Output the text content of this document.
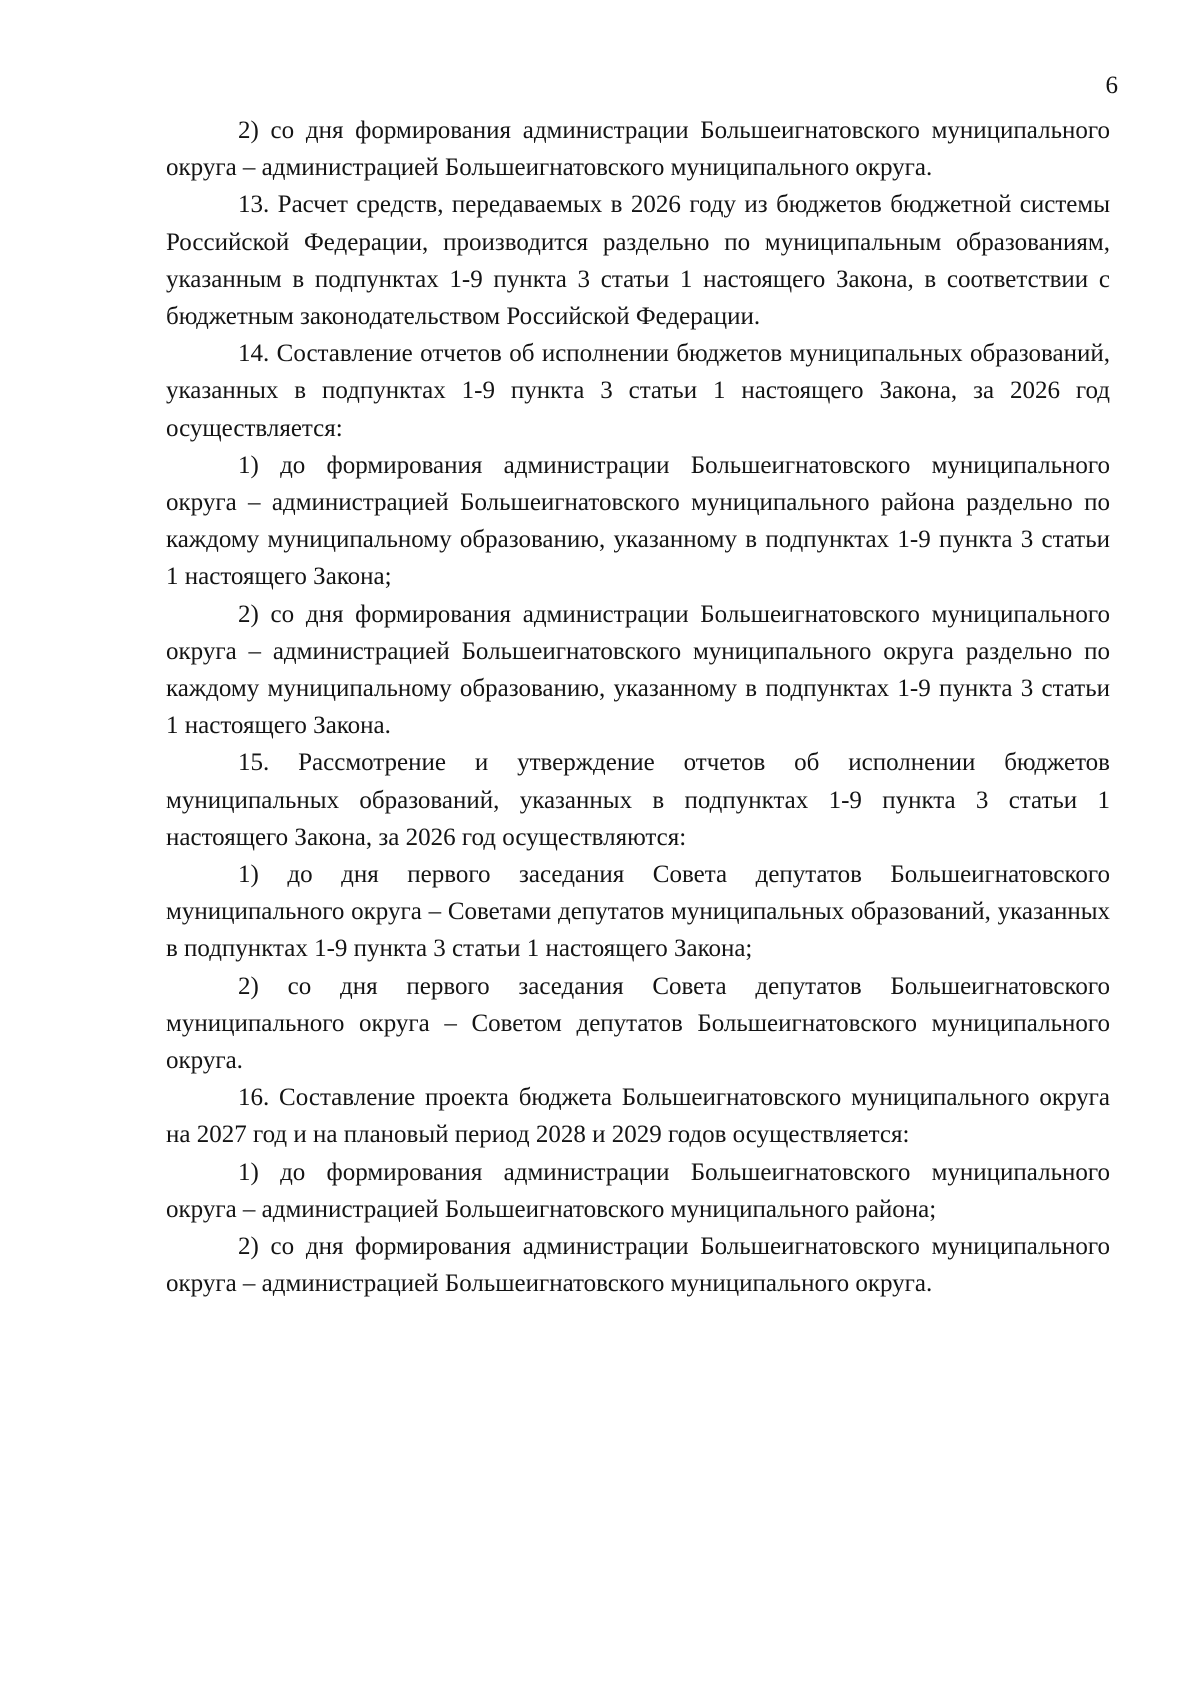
6

2) со дня формирования администрации Большеигнатовского муниципального округа – администрацией Большеигнатовского муниципального округа.

13. Расчет средств, передаваемых в 2026 году из бюджетов бюджетной системы Российской Федерации, производится раздельно по муниципальным образованиям, указанным в подпунктах 1-9 пункта 3 статьи 1 настоящего Закона, в соответствии с бюджетным законодательством Российской Федерации.

14. Составление отчетов об исполнении бюджетов муниципальных образований, указанных в подпунктах 1-9 пункта 3 статьи 1 настоящего Закона, за 2026 год осуществляется:

1) до формирования администрации Большеигнатовского муниципального округа – администрацией Большеигнатовского муниципального района раздельно по каждому муниципальному образованию, указанному в подпунктах 1-9 пункта 3 статьи 1 настоящего Закона;

2) со дня формирования администрации Большеигнатовского муниципального округа – администрацией Большеигнатовского муниципального округа раздельно по каждому муниципальному образованию, указанному в подпунктах 1-9 пункта 3 статьи 1 настоящего Закона.

15. Рассмотрение и утверждение отчетов об исполнении бюджетов муниципальных образований, указанных в подпунктах 1-9 пункта 3 статьи 1 настоящего Закона, за 2026 год осуществляются:

1) до дня первого заседания Совета депутатов Большеигнатовского муниципального округа – Советами депутатов муниципальных образований, указанных в подпунктах 1-9 пункта 3 статьи 1 настоящего Закона;

2) со дня первого заседания Совета депутатов Большеигнатовского муниципального округа – Советом депутатов Большеигнатовского муниципального округа.

16. Составление проекта бюджета Большеигнатовского муниципального округа на 2027 год и на плановый период 2028 и 2029 годов осуществляется:

1) до формирования администрации Большеигнатовского муниципального округа – администрацией Большеигнатовского муниципального района;

2) со дня формирования администрации Большеигнатовского муниципального округа – администрацией Большеигнатовского муниципального округа.
